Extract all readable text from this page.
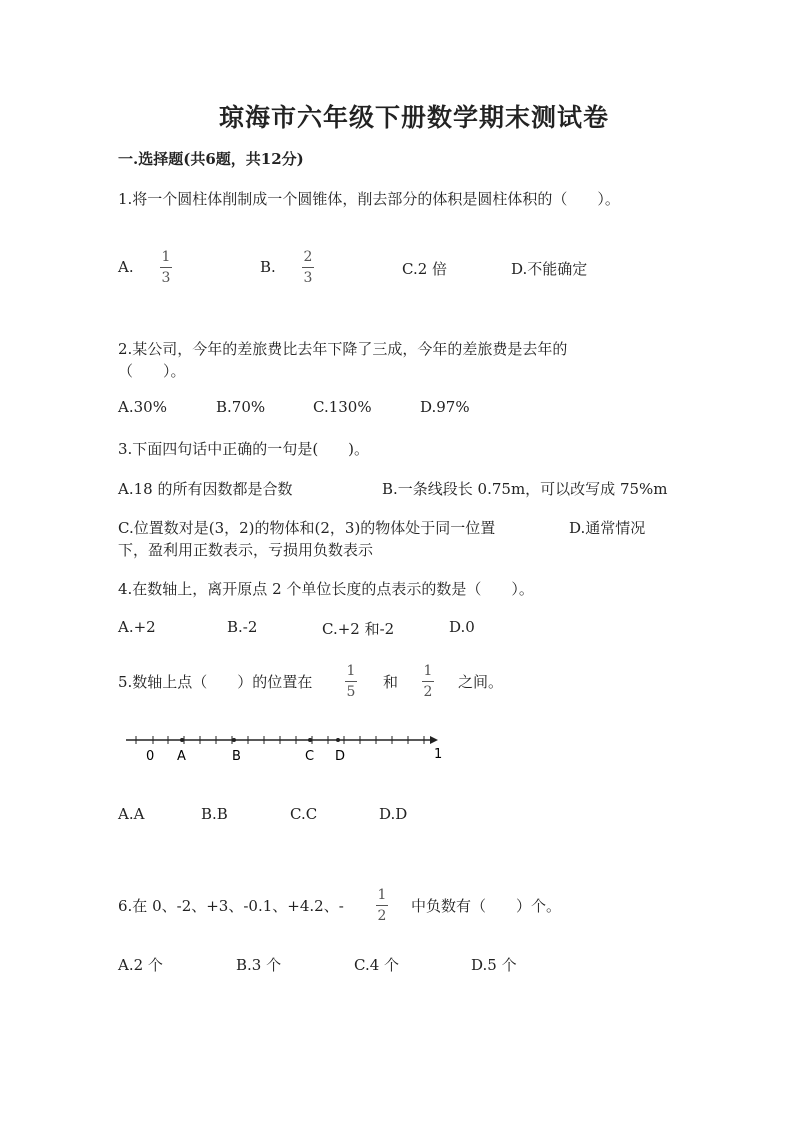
琼海市六年级下册数学期末测试卷
一.选择题(共6题，共12分)
1.将一个圆柱体削制成一个圆锥体，削去部分的体积是圆柱体积的（　　）。
A.
1
3
B.
2
3	C.2 倍	D.不能确定
2.某公司，今年的差旅费比去年下降了三成，今年的差旅费是去年的
（　　）。
A.30%	B.70%	C.130%	D.97%
3.下面四句话中正确的一句是(　　)。
A.18 的所有因数都是合数	B.一条线段长 0.75m，可以改写成 75%m
C.位置数对是(3，2)的物体和(2，3)的物体处于同一位置	D.通常情况
下，盈利用正数表示，亏损用负数表示
4.在数轴上，离开原点 2 个单位长度的点表示的数是（　　）。
A.+2	B.-2	C.+2 和-2	D.0
5.数轴上点（　　）的位置在
1
5
和
1
2
之间。
0 A	B	C D	1
A.A	B.B	C.C	D.D
6.在 0、-2、+3、-0.1、+4.2、-
1
2
中负数有（　　）个。
A.2 个	B.3 个	C.4 个	D.5 个
